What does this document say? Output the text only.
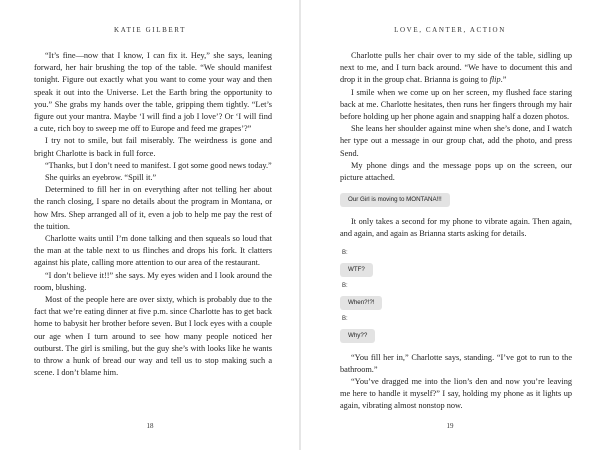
KATIE GILBERT

“It’s fine—now that I know, I can fix it. Hey,” she says, leaning forward, her hair brushing the top of the table. “We should manifest tonight. Figure out exactly what you want to come your way and then speak it out into the Universe. Let the Earth bring the opportunity to you.” She grabs my hands over the table, gripping them tightly. “Let’s figure out your mantra. Maybe ‘I will find a job I love’? Or ‘I will find a cute, rich boy to sweep me off to Europe and feed me grapes’?”

I try not to smile, but fail miserably. The weirdness is gone and bright Charlotte is back in full force.

“Thanks, but I don’t need to manifest. I got some good news today.”

She quirks an eyebrow. “Spill it.”

Determined to fill her in on everything after not telling her about the ranch closing, I spare no details about the program in Montana, or how Mrs. Shep arranged all of it, even a job to help me pay the rest of the tuition.

Charlotte waits until I’m done talking and then squeals so loud that the man at the table next to us flinches and drops his fork. It clatters against his plate, calling more attention to our area of the restaurant.

“I don’t believe it!!” she says. My eyes widen and I look around the room, blushing.

Most of the people here are over sixty, which is probably due to the fact that we’re eating dinner at five p.m. since Charlotte has to get back home to babysit her brother before seven. But I lock eyes with a couple our age when I turn around to see how many people noticed her outburst. The girl is smiling, but the guy she’s with looks like he wants to throw a hunk of bread our way and tell us to stop making such a scene. I don’t blame him.

18
LOVE, CANTER, ACTION

Charlotte pulls her chair over to my side of the table, sidling up next to me, and I turn back around. “We have to document this and drop it in the group chat. Brianna is going to flip.”

I smile when we come up on her screen, my flushed face staring back at me. Charlotte hesitates, then runs her fingers through my hair before holding up her phone again and snapping half a dozen photos.

She leans her shoulder against mine when she’s done, and I watch her type out a message in our group chat, add the photo, and press Send.

My phone dings and the message pops up on the screen, our picture attached.

Our Girl is moving to MONTANA!!!

It only takes a second for my phone to vibrate again. Then again, and again, and again as Brianna starts asking for details.

B:
WTF?
B:
When?!?!
B:
Why??

“You fill her in,” Charlotte says, standing. “I’ve got to run to the bathroom.”

“You’ve dragged me into the lion’s den and now you’re leaving me here to handle it myself?” I say, holding my phone as it lights up again, vibrating almost nonstop now.

19
